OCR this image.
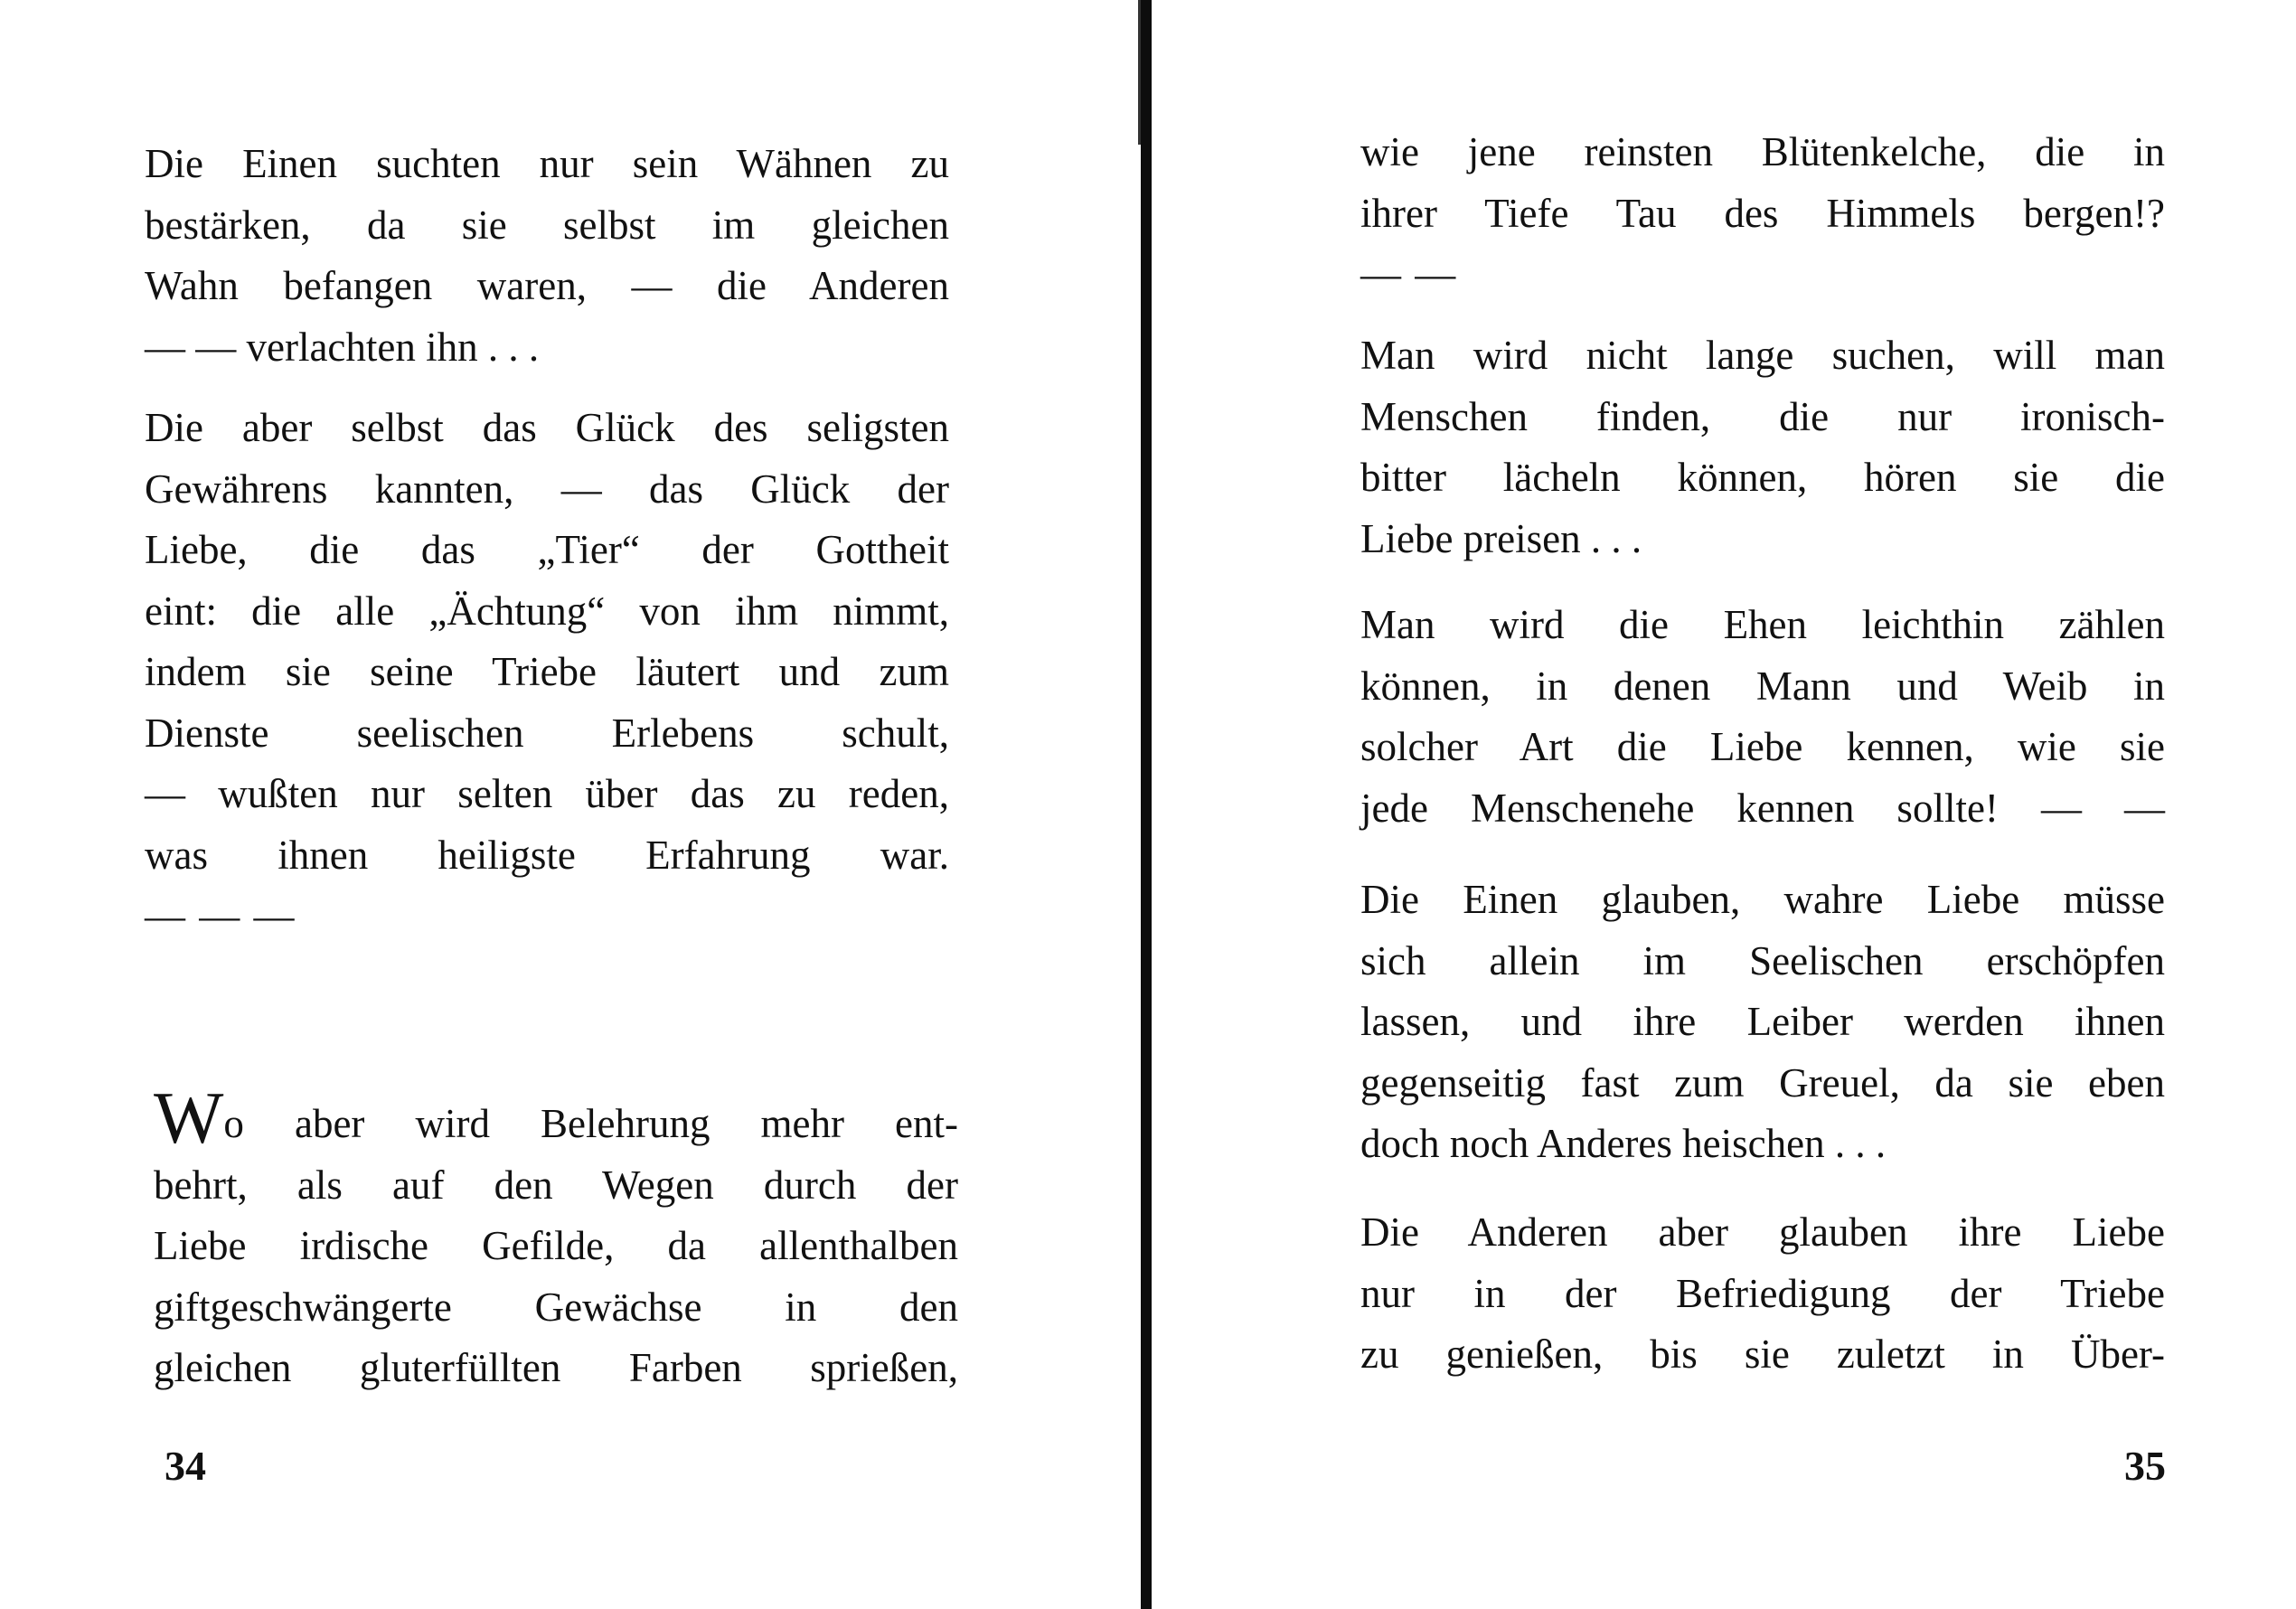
Die Einen suchten nur sein Wähnen zu
bestärken, da sie selbst im gleichen
Wahn befangen waren, — die Anderen
— — verlachten ihn . . .
Die aber selbst das Glück des seligsten
Gewährens kannten, — das Glück der
Liebe, die das „Tier“ der Gottheit
eint: die alle „Ächtung“ von ihm nimmt,
indem sie seine Triebe läutert und zum
Dienste seelischen Erlebens schult,
— wußten nur selten über das zu reden,
was ihnen heiligste Erfahrung war.
— — —
Wo aber wird Belehrung mehr ent-
behrt, als auf den Wegen durch der
Liebe irdische Gefilde, da allenthalben
giftgeschwängerte Gewächse in den
gleichen gluterfüllten Farben sprießen,
34
wie jene reinsten Blütenkelche, die in
ihrer Tiefe Tau des Himmels bergen!?
— —
Man wird nicht lange suchen, will man
Menschen finden, die nur ironisch-
bitter lächeln können, hören sie die
Liebe preisen . . .
Man wird die Ehen leichthin zählen
können, in denen Mann und Weib in
solcher Art die Liebe kennen, wie sie
jede Menschenehe kennen sollte! — —
Die Einen glauben, wahre Liebe müsse
sich allein im Seelischen erschöpfen
lassen, und ihre Leiber werden ihnen
gegenseitig fast zum Greuel, da sie eben
doch noch Anderes heischen . . .
Die Anderen aber glauben ihre Liebe
nur in der Befriedigung der Triebe
zu genießen, bis sie zuletzt in Über-
35
